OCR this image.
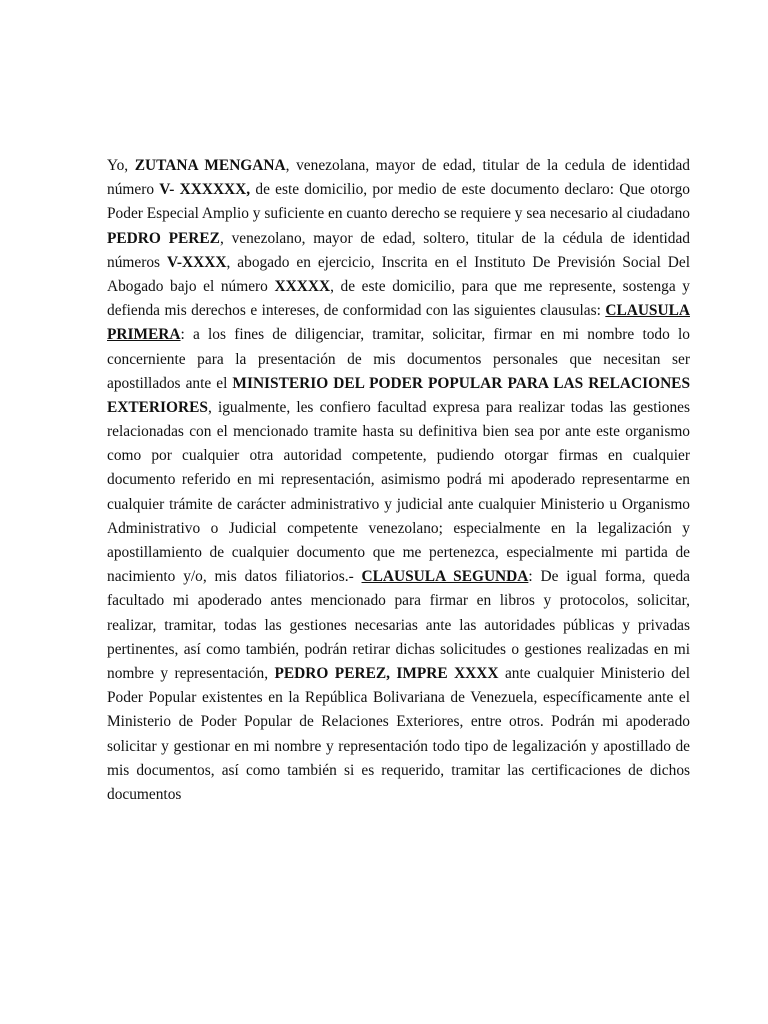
Yo, ZUTANA MENGANA, venezolana, mayor de edad, titular de la cedula de identidad número V- XXXXXX, de este domicilio, por medio de este documento declaro: Que otorgo Poder Especial Amplio y suficiente en cuanto derecho se requiere y sea necesario al ciudadano PEDRO PEREZ, venezolano, mayor de edad, soltero, titular de la cédula de identidad números V-XXXX, abogado en ejercicio, Inscrita en el Instituto De Previsión Social Del Abogado bajo el número XXXXX, de este domicilio, para que me represente, sostenga y defienda mis derechos e intereses, de conformidad con las siguientes clausulas: CLAUSULA PRIMERA: a los fines de diligenciar, tramitar, solicitar, firmar en mi nombre todo lo concerniente para la presentación de mis documentos personales que necesitan ser apostillados ante el MINISTERIO DEL PODER POPULAR PARA LAS RELACIONES EXTERIORES, igualmente, les confiero facultad expresa para realizar todas las gestiones relacionadas con el mencionado tramite hasta su definitiva bien sea por ante este organismo como por cualquier otra autoridad competente, pudiendo otorgar firmas en cualquier documento referido en mi representación, asimismo podrá mi apoderado representarme en cualquier trámite de carácter administrativo y judicial ante cualquier Ministerio u Organismo Administrativo o Judicial competente venezolano; especialmente en la legalización y apostillamiento de cualquier documento que me pertenezca, especialmente mi partida de nacimiento y/o, mis datos filiatorios.- CLAUSULA SEGUNDA: De igual forma, queda facultado mi apoderado antes mencionado para firmar en libros y protocolos, solicitar, realizar, tramitar, todas las gestiones necesarias ante las autoridades públicas y privadas pertinentes, así como también, podrán retirar dichas solicitudes o gestiones realizadas en mi nombre y representación, PEDRO PEREZ, IMPRE XXXX ante cualquier Ministerio del Poder Popular existentes en la República Bolivariana de Venezuela, específicamente ante el Ministerio de Poder Popular de Relaciones Exteriores, entre otros. Podrán mi apoderado solicitar y gestionar en mi nombre y representación todo tipo de legalización y apostillado de mis documentos, así como también si es requerido, tramitar las certificaciones de dichos documentos
